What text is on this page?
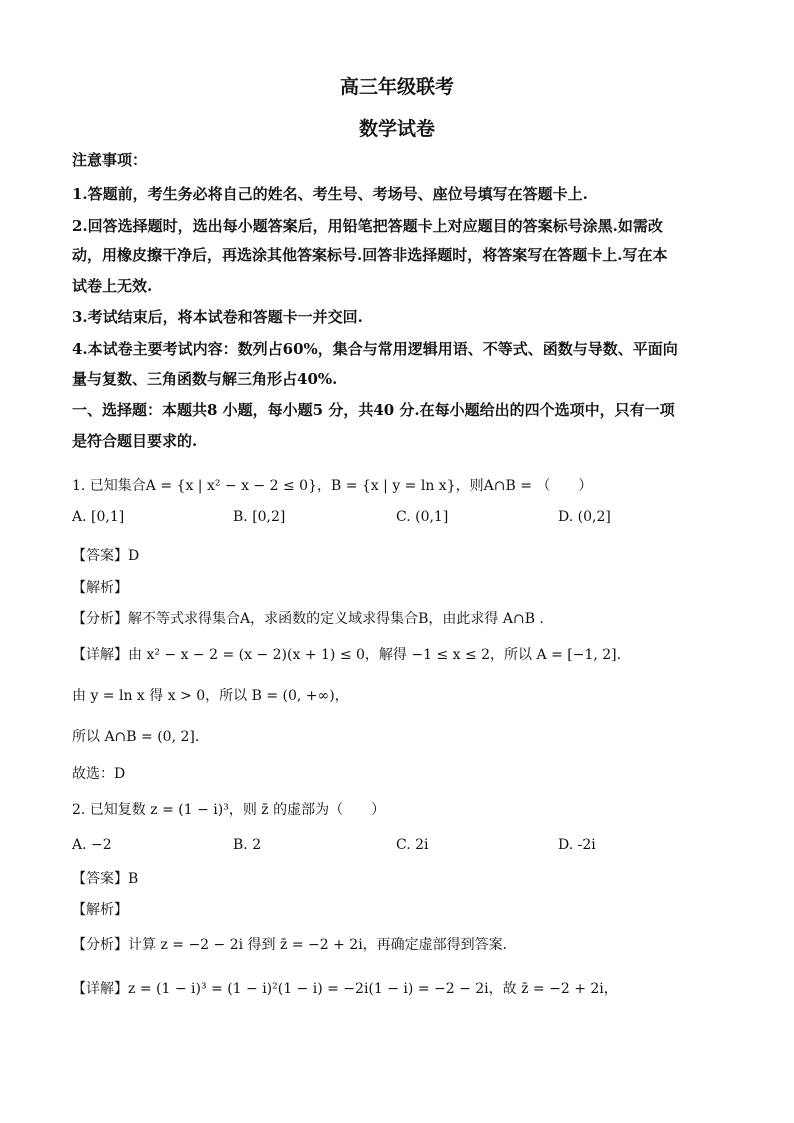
高三年级联考
数学试卷
注意事项：
1.答题前，考生务必将自己的姓名、考生号、考场号、座位号填写在答题卡上.
2.回答选择题时，选出每小题答案后，用铅笔把答题卡上对应题目的答案标号涂黑.如需改
动，用橡皮擦干净后，再选涂其他答案标号.回答非选择题时，将答案写在答题卡上.写在本
试卷上无效.
3.考试结束后，将本试卷和答题卡一并交回.
4.本试卷主要考试内容：数列占60%，集合与常用逻辑用语、不等式、函数与导数、平面向
量与复数、三角函数与解三角形占40%.
一、选择题：本题共8 小题，每小题5 分，共40 分.在每小题给出的四个选项中，只有一项
是符合题目要求的.
1. 已知集合A = {x | x² − x − 2 ≤ 0}，B = {x | y = ln x}，则A∩B = （　　）
A. [0,1]	B. [0,2]	C. (0,1]	D. (0,2]
【答案】D
【解析】
【分析】解不等式求得集合A，求函数的定义域求得集合B，由此求得 A∩B .
【详解】由 x² − x − 2 = (x − 2)(x + 1) ≤ 0，解得 −1 ≤ x ≤ 2，所以 A = [−1, 2].
由 y = ln x 得 x > 0，所以 B = (0, +∞)，
所以 A∩B = (0, 2].
故选：D
2. 已知复数 z = (1 − i)³，则 z̄ 的虚部为（　　）
A. −2	B. 2	C. 2i	D. -2i
【答案】B
【解析】
【分析】计算 z = −2 − 2i 得到 z̄ = −2 + 2i，再确定虚部得到答案.
【详解】z = (1 − i)³ = (1 − i)²(1 − i) = −2i(1 − i) = −2 − 2i，故 z̄ = −2 + 2i，
